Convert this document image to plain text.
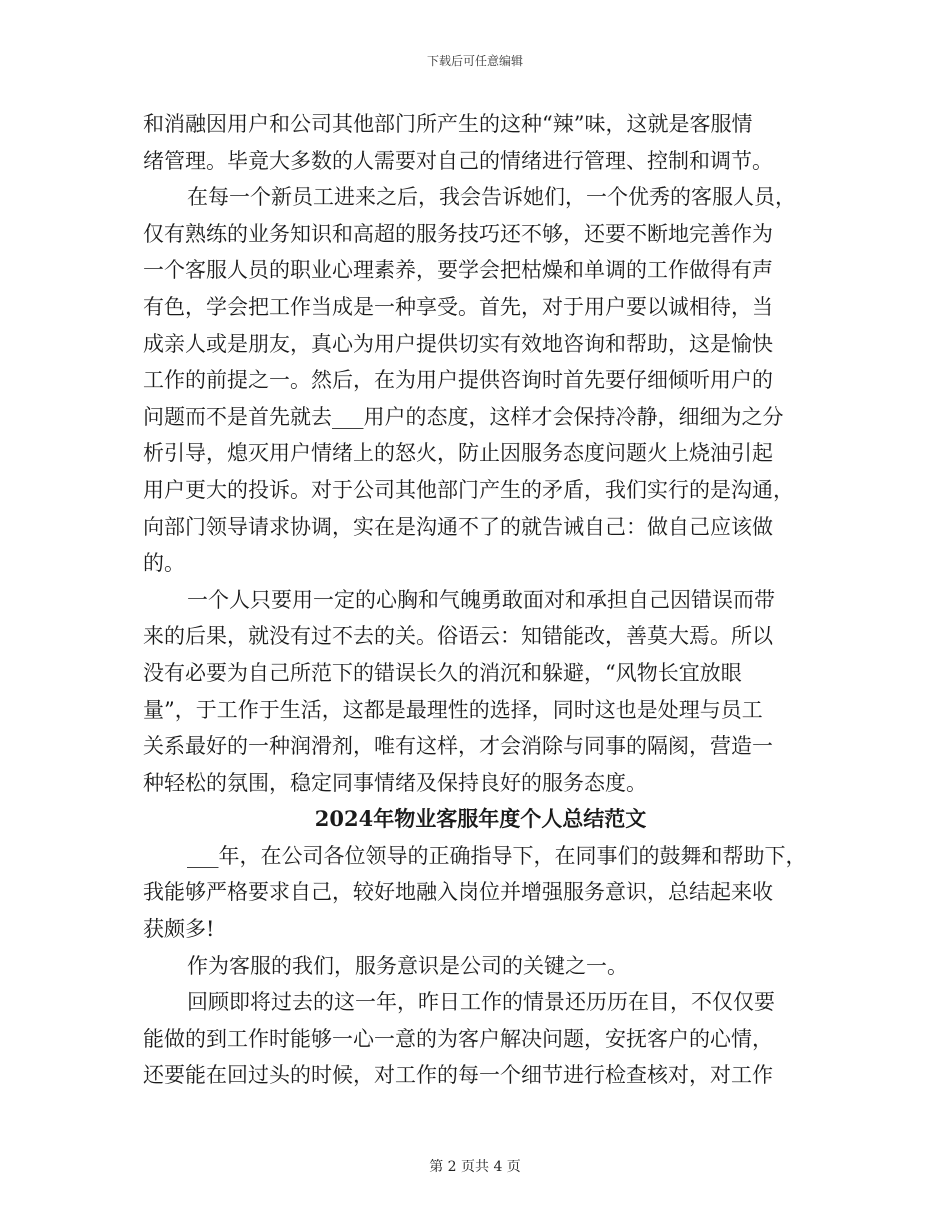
下载后可任意编辑
和消融因用户和公司其他部门所产生的这种“辣”味，这就是客服情
绪管理。毕竟大多数的人需要对自己的情绪进行管理、控制和调节。
在每一个新员工进来之后，我会告诉她们，一个优秀的客服人员，
仅有熟练的业务知识和高超的服务技巧还不够，还要不断地完善作为
一个客服人员的职业心理素养，要学会把枯燥和单调的工作做得有声
有色，学会把工作当成是一种享受。首先，对于用户要以诚相待，当
成亲人或是朋友，真心为用户提供切实有效地咨询和帮助，这是愉快
工作的前提之一。然后，在为用户提供咨询时首先要仔细倾听用户的
问题而不是首先就去___用户的态度，这样才会保持冷静，细细为之分
析引导，熄灭用户情绪上的怒火，防止因服务态度问题火上烧油引起
用户更大的投诉。对于公司其他部门产生的矛盾，我们实行的是沟通，
向部门领导请求协调，实在是沟通不了的就告诫自己：做自己应该做
的。
一个人只要用一定的心胸和气魄勇敢面对和承担自己因错误而带
来的后果，就没有过不去的关。俗语云：知错能改，善莫大焉。所以
没有必要为自己所范下的错误长久的消沉和躲避，“风物长宜放眼
量”，于工作于生活，这都是最理性的选择，同时这也是处理与员工
关系最好的一种润滑剂，唯有这样，才会消除与同事的隔阂，营造一
种轻松的氛围，稳定同事情绪及保持良好的服务态度。
2024年物业客服年度个人总结范文
___年，在公司各位领导的正确指导下，在同事们的鼓舞和帮助下，
我能够严格要求自己，较好地融入岗位并增强服务意识，总结起来收
获颇多!
作为客服的我们，服务意识是公司的关键之一。
回顾即将过去的这一年，昨日工作的情景还历历在目，不仅仅要
能做的到工作时能够一心一意的为客户解决问题，安抚客户的心情，
还要能在回过头的时候，对工作的每一个细节进行检查核对，对工作
第 2 页共 4 页
